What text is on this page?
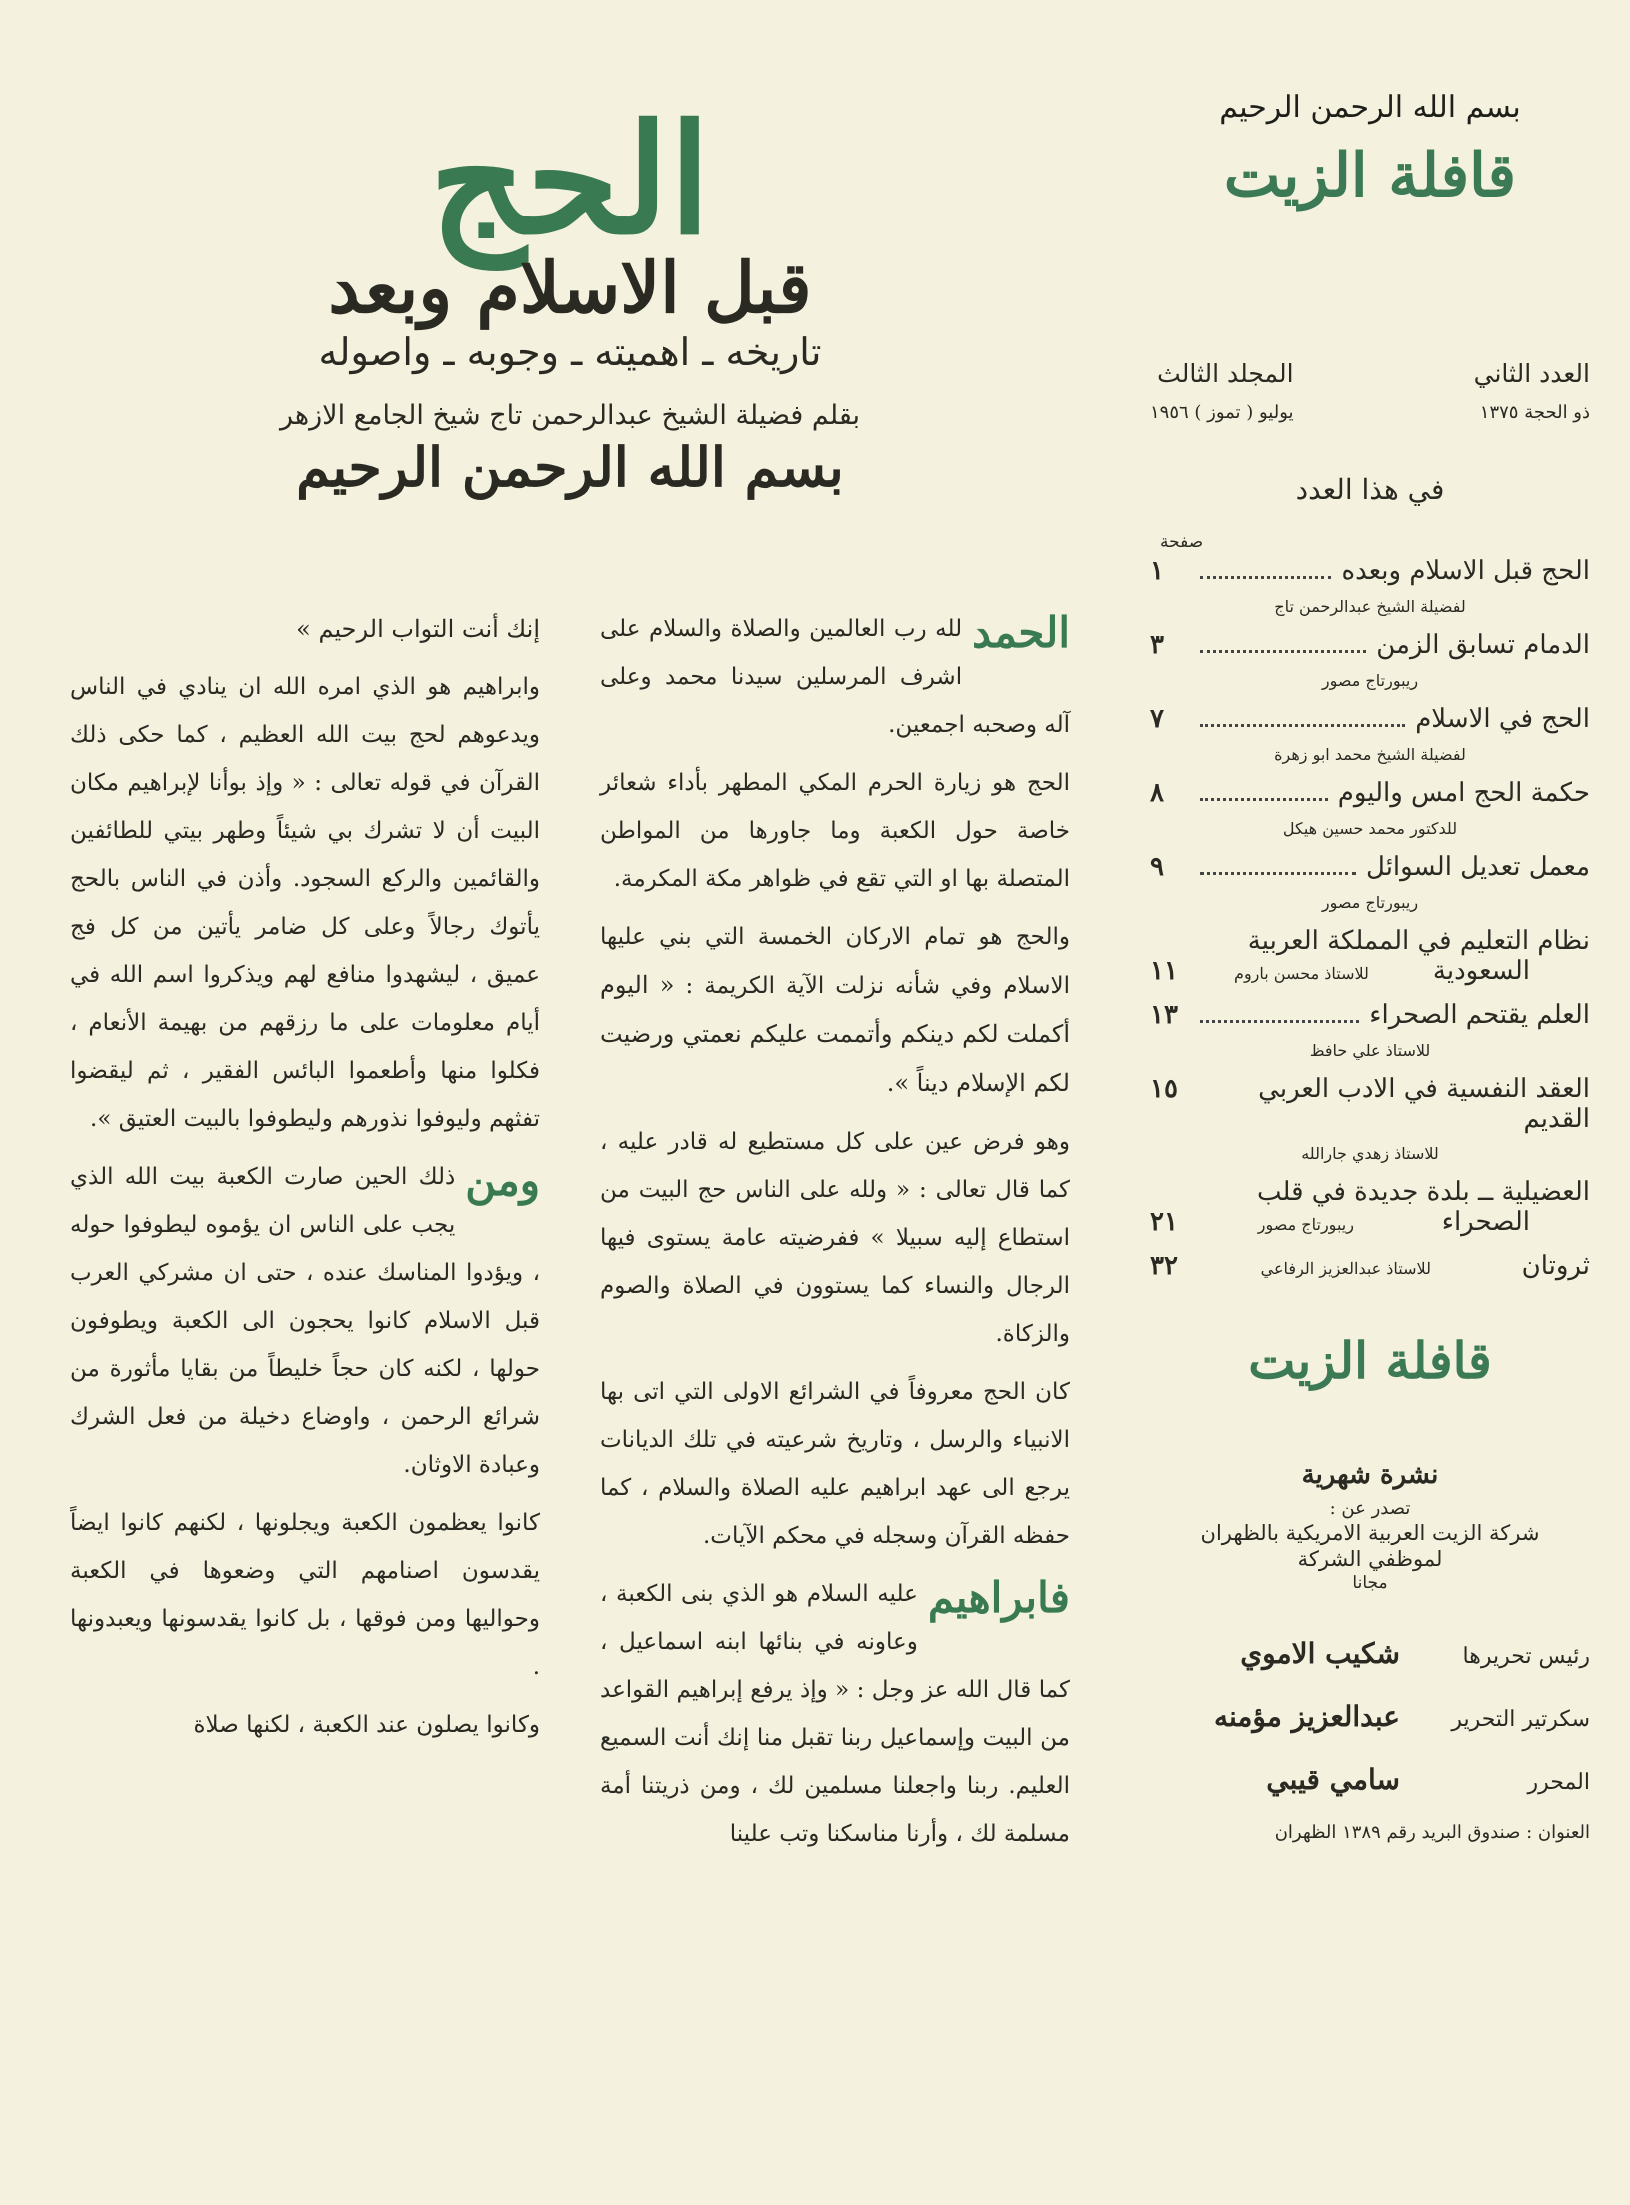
بسم الله الرحمن الرحيم
قافلة الزيت
العدد الثاني
ذو الحجة ١٣٧٥
المجلد الثالث
يوليو ( تموز ) ١٩٥٦
في هذا العدد
صفحة
الحج قبل الاسلام وبعده
١
لفضيلة الشيخ عبدالرحمن تاج
الدمام تسابق الزمن
٣
ريبورتاج مصور
الحج في الاسلام
٧
لفضيلة الشيخ محمد ابو زهرة
حكمة الحج امس واليوم
٨
للدكتور محمد حسين هيكل
معمل تعديل السوائل
٩
ريبورتاج مصور
نظام التعليم في المملكة العربية
السعودية
للاستاذ محسن باروم
١١
العلم يقتحم الصحراء
١٣
للاستاذ علي حافظ
العقد النفسية في الادب العربي القديم
١٥
للاستاذ زهدي جارالله
العضيلية ــ بلدة جديدة في قلب
الصحراء
ريبورتاج مصور
٢١
ثروتان
للاستاذ عبدالعزيز الرفاعي
٣٢
قافلة الزيت
نشرة شهرية
تصدر عن :
شركة الزيت العربية الامريكية بالظهران
لموظفي الشركة
مجانا
رئيس تحريرها
شكيب الاموي
سكرتير التحرير
عبدالعزيز مؤمنه
المحرر
سامي قيبي
العنوان : صندوق البريد رقم ١٣٨٩ الظهران
الحج
قبل الاسلام وبعد
تاريخه ـ اهميته ـ وجوبه ـ واصوله
بقلم فضيلة الشيخ عبدالرحمن تاج شيخ الجامع الازهر
بسم الله الرحمن الرحيم

الحمد
لله رب العالمين والصلاة والسلام على اشرف المرسلين سيدنا محمد وعلى آله وصحبه اجمعين.

الحج هو زيارة الحرم المكي المطهر بأداء شعائر خاصة حول الكعبة وما جاورها من المواطن المتصلة بها او التي تقع في ظواهر مكة المكرمة.

والحج هو تمام الاركان الخمسة التي بني عليها الاسلام وفي شأنه نزلت الآية الكريمة : « اليوم أكملت لكم دينكم وأتممت عليكم نعمتي ورضيت لكم الإسلام ديناً ».

وهو فرض عين على كل مستطيع له قادر عليه ، كما قال تعالى : « ولله على الناس حج البيت من استطاع إليه سبيلا » ففرضيته عامة يستوى فيها الرجال والنساء كما يستوون في الصلاة والصوم والزكاة.

كان الحج معروفاً في الشرائع الاولى التي اتى بها الانبياء والرسل ، وتاريخ شرعيته في تلك الديانات يرجع الى عهد ابراهيم عليه الصلاة والسلام ، كما حفظه القرآن وسجله في محكم الآيات.

فابراهيم
عليه السلام هو الذي بنى الكعبة ، وعاونه في بنائها ابنه اسماعيل ، كما قال الله عز وجل : « وإذ يرفع إبراهيم القواعد من البيت وإسماعيل ربنا تقبل منا إنك أنت السميع العليم. ربنا واجعلنا مسلمين لك ، ومن ذريتنا أمة مسلمة لك ، وأرنا مناسكنا وتب علينا

إنك أنت التواب الرحيم »

وابراهيم هو الذي امره الله ان ينادي في الناس ويدعوهم لحج بيت الله العظيم ، كما حكى ذلك القرآن في قوله تعالى : « وإذ بوأنا لإبراهيم مكان البيت أن لا تشرك بي شيئاً وطهر بيتي للطائفين والقائمين والركع السجود. وأذن في الناس بالحج يأتوك رجالاً وعلى كل ضامر يأتين من كل فج عميق ، ليشهدوا منافع لهم ويذكروا اسم الله في أيام معلومات على ما رزقهم من بهيمة الأنعام ، فكلوا منها وأطعموا البائس الفقير ، ثم ليقضوا تفثهم وليوفوا نذورهم وليطوفوا بالبيت العتيق ».

ومن
ذلك الحين صارت الكعبة بيت الله الذي يجب على الناس ان يؤموه ليطوفوا حوله ، ويؤدوا المناسك عنده ، حتى ان مشركي العرب قبل الاسلام كانوا يحجون الى الكعبة ويطوفون حولها ، لكنه كان حجاً خليطاً من بقايا مأثورة من شرائع الرحمن ، واوضاع دخيلة من فعل الشرك وعبادة الاوثان.

كانوا يعظمون الكعبة ويجلونها ، لكنهم كانوا ايضاً يقدسون اصنامهم التي وضعوها في الكعبة وحواليها ومن فوقها ، بل كانوا يقدسونها ويعبدونها .

وكانوا يصلون عند الكعبة ، لكنها صلاة
